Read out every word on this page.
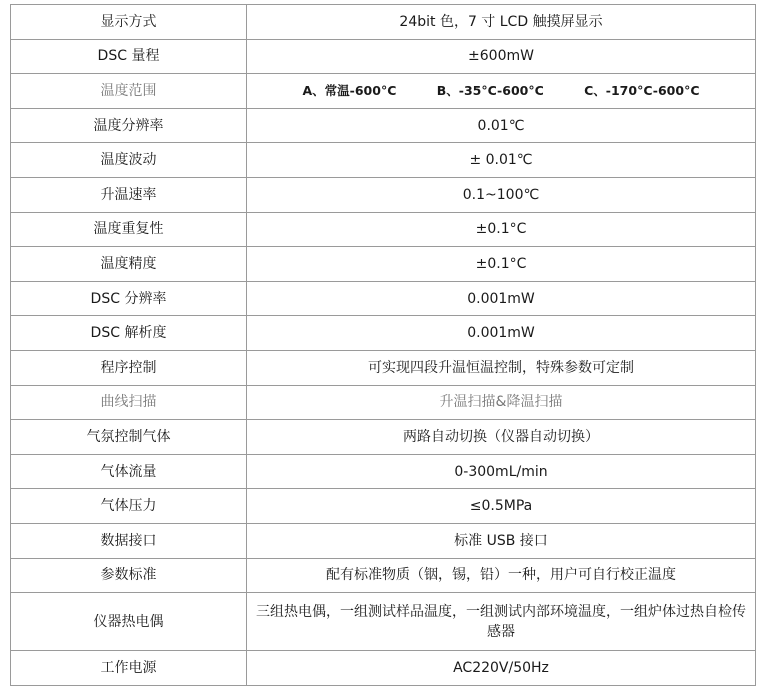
显示方式	24bit 色，7 寸 LCD 触摸屏显示
DSC 量程	±600mW
温度范围	A、常温-600°C B、-35°C-600°C C、-170°C-600°C
温度分辨率	0.01℃
温度波动	± 0.01℃
升温速率	0.1~100℃
温度重复性	±0.1°C
温度精度	±0.1°C
DSC 分辨率	0.001mW
DSC 解析度	0.001mW
程序控制	可实现四段升温恒温控制，特殊参数可定制
曲线扫描	升温扫描&降温扫描
气氛控制气体	两路自动切换（仪器自动切换）
气体流量	0-300mL/min
气体压力	≤0.5MPa
数据接口	标准 USB 接口
参数标准	配有标准物质（铟，锡，铅）一种，用户可自行校正温度
仪器热电偶	三组热电偶，一组测试样品温度，一组测试内部环境温度，一组炉体过热自检传感器
工作电源	AC220V/50Hz
